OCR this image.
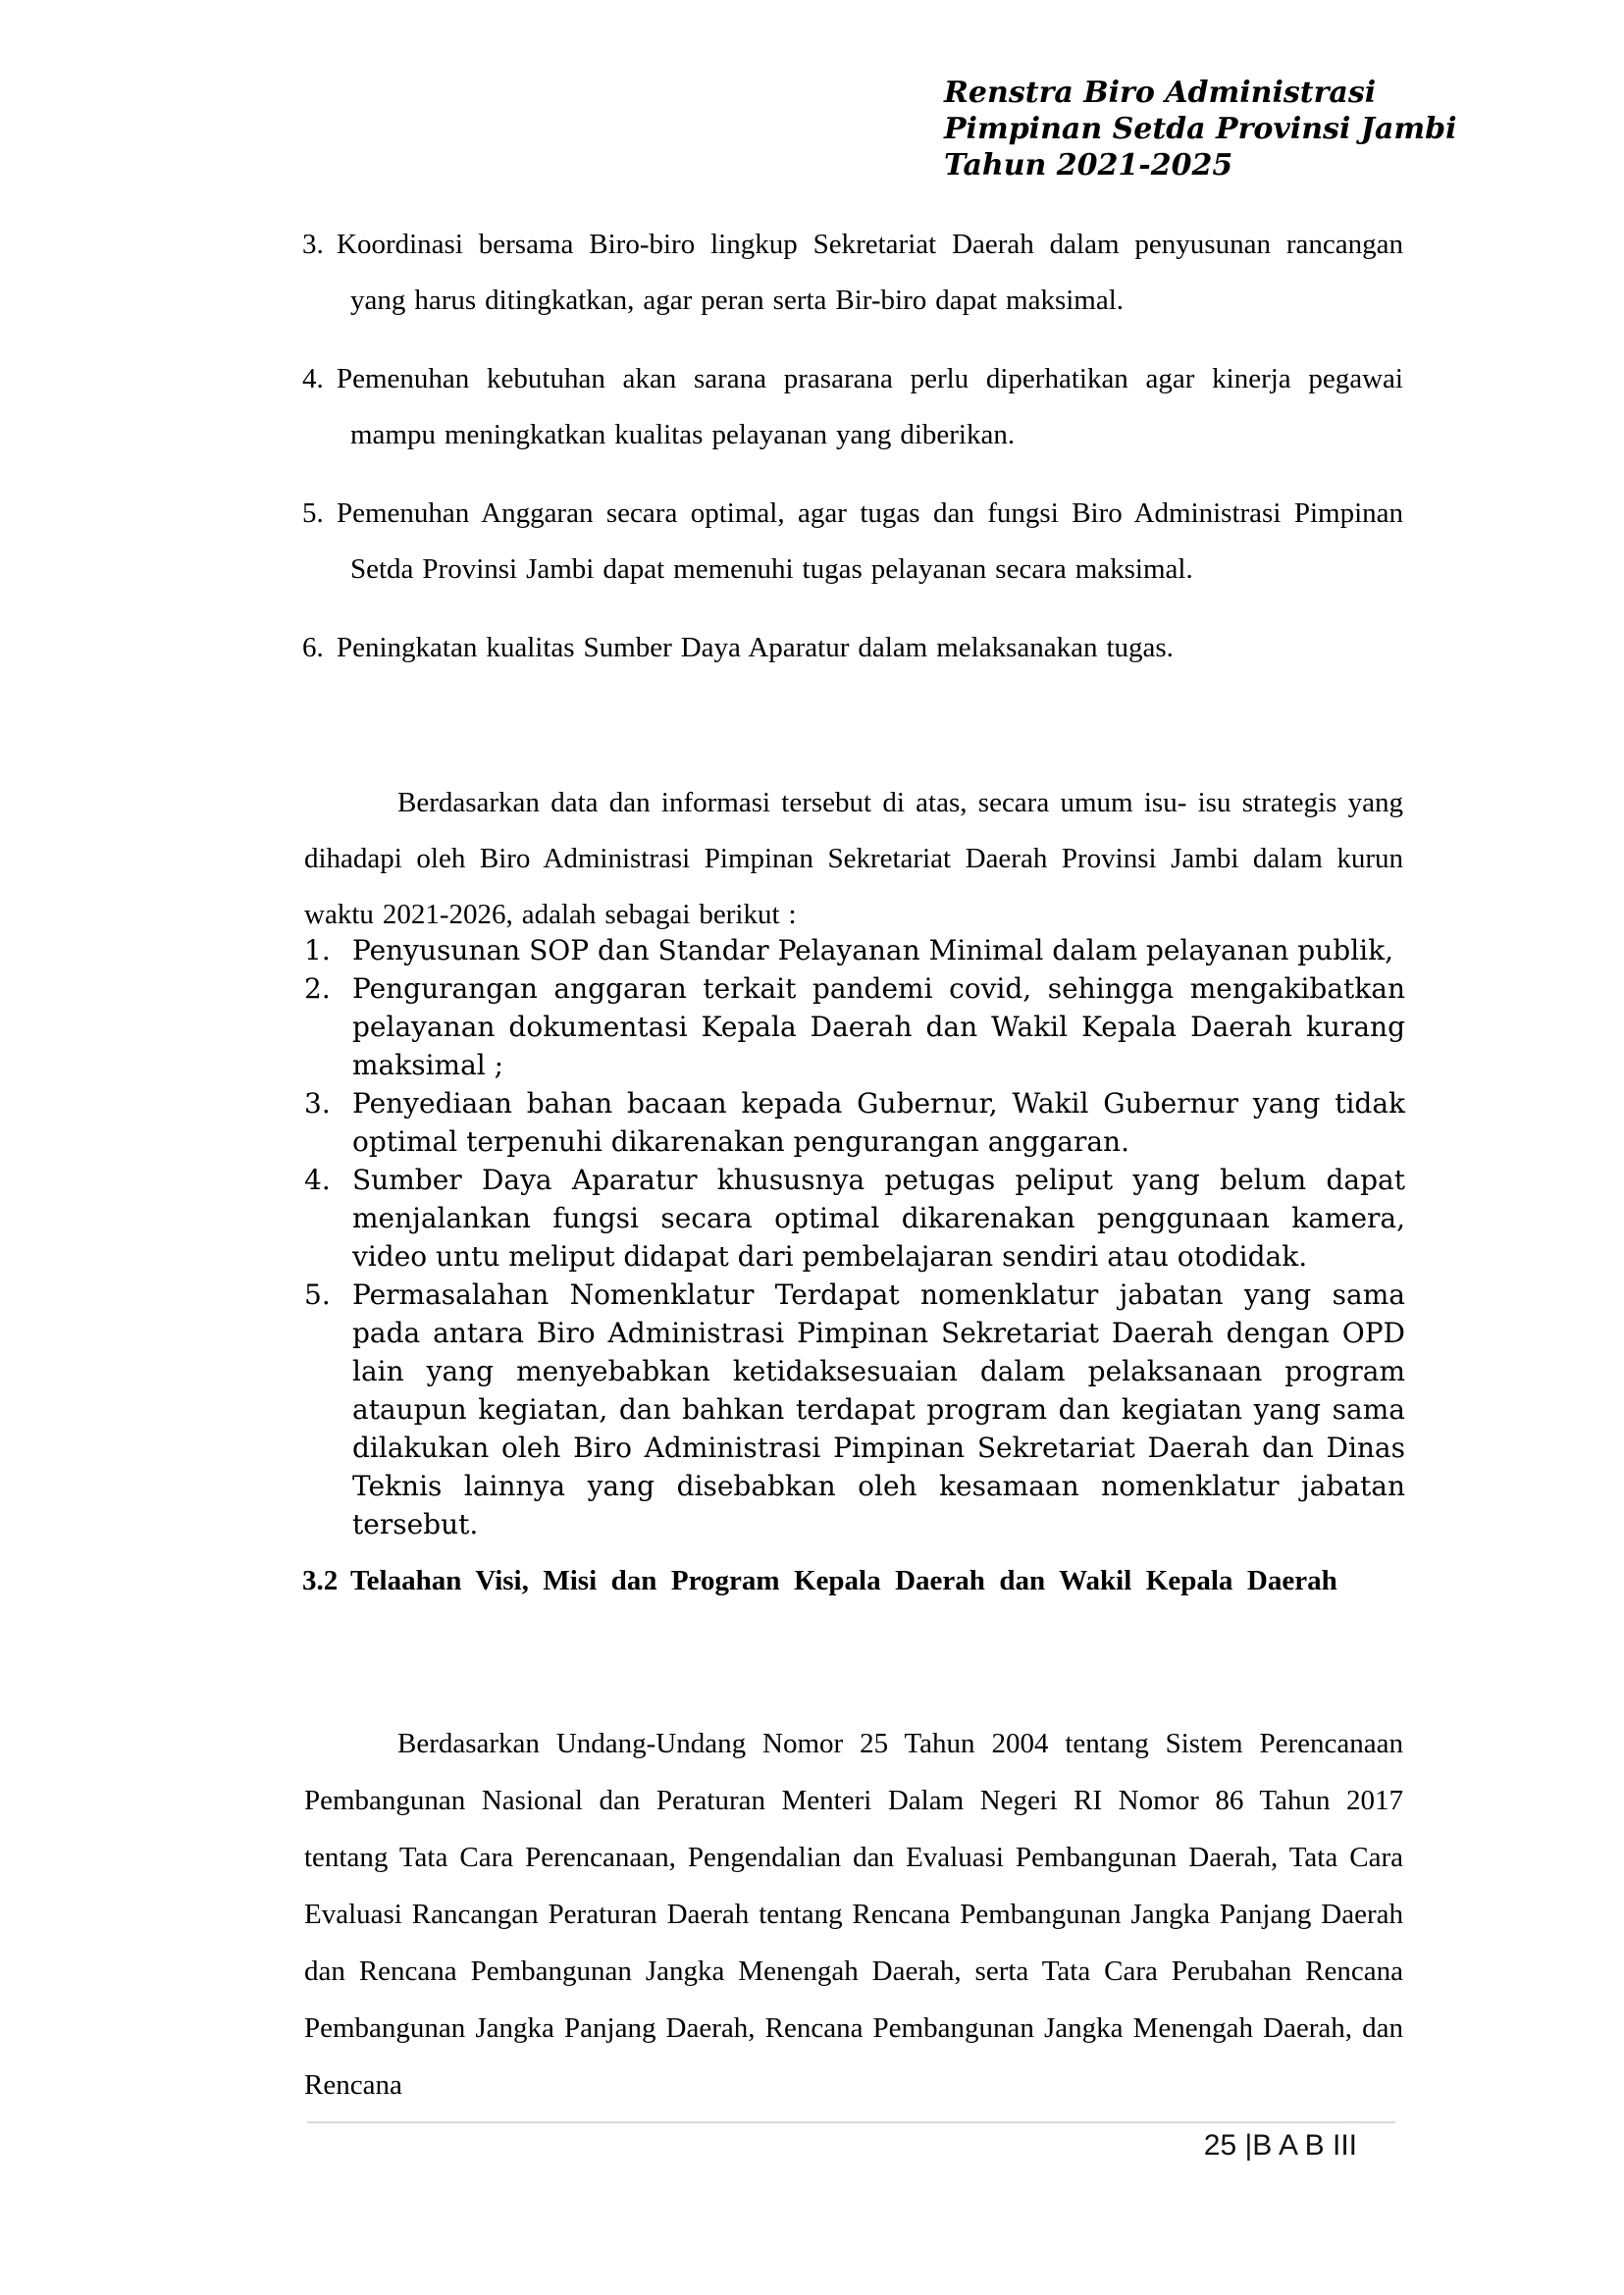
Renstra Biro Administrasi
Pimpinan Setda Provinsi Jambi
Tahun 2021-2025
3. Koordinasi bersama Biro-biro lingkup Sekretariat Daerah dalam penyusunan rancangan yang harus ditingkatkan, agar peran serta Bir-biro dapat maksimal.

4. Pemenuhan kebutuhan akan sarana prasarana perlu diperhatikan agar kinerja pegawai mampu meningkatkan kualitas pelayanan yang diberikan.

5. Pemenuhan Anggaran secara optimal, agar tugas dan fungsi Biro Administrasi Pimpinan Setda Provinsi Jambi dapat memenuhi tugas pelayanan secara maksimal.

6. Peningkatan kualitas Sumber Daya Aparatur dalam melaksanakan tugas.

Berdasarkan data dan informasi tersebut di atas, secara umum isu- isu strategis yang dihadapi oleh Biro Administrasi Pimpinan Sekretariat Daerah Provinsi Jambi dalam kurun waktu 2021-2026, adalah sebagai berikut :

1. Penyusunan SOP dan Standar Pelayanan Minimal dalam pelayanan publik,

2. Pengurangan anggaran terkait pandemi covid, sehingga mengakibatkan pelayanan dokumentasi Kepala Daerah dan Wakil Kepala Daerah kurang maksimal ;

3. Penyediaan bahan bacaan kepada Gubernur, Wakil Gubernur yang tidak optimal terpenuhi dikarenakan pengurangan anggaran.

4. Sumber Daya Aparatur khususnya petugas peliput yang belum dapat menjalankan fungsi secara optimal dikarenakan penggunaan kamera, video untu meliput didapat dari pembelajaran sendiri atau otodidak.

5. Permasalahan Nomenklatur Terdapat nomenklatur jabatan yang sama pada antara Biro Administrasi Pimpinan Sekretariat Daerah dengan OPD lain yang menyebabkan ketidaksesuaian dalam pelaksanaan program ataupun kegiatan, dan bahkan terdapat program dan kegiatan yang sama dilakukan oleh Biro Administrasi Pimpinan Sekretariat Daerah dan Dinas Teknis lainnya yang disebabkan oleh kesamaan nomenklatur jabatan tersebut.

3.2 Telaahan Visi, Misi dan Program Kepala Daerah dan Wakil Kepala Daerah

Berdasarkan Undang-Undang Nomor 25 Tahun 2004 tentang Sistem Perencanaan Pembangunan Nasional dan Peraturan Menteri Dalam Negeri RI Nomor 86 Tahun 2017 tentang Tata Cara Perencanaan, Pengendalian dan Evaluasi Pembangunan Daerah, Tata Cara Evaluasi Rancangan Peraturan Daerah tentang Rencana Pembangunan Jangka Panjang Daerah dan Rencana Pembangunan Jangka Menengah Daerah, serta Tata Cara Perubahan Rencana Pembangunan Jangka Panjang Daerah, Rencana Pembangunan Jangka Menengah Daerah, dan Rencana

25 |B A B III
